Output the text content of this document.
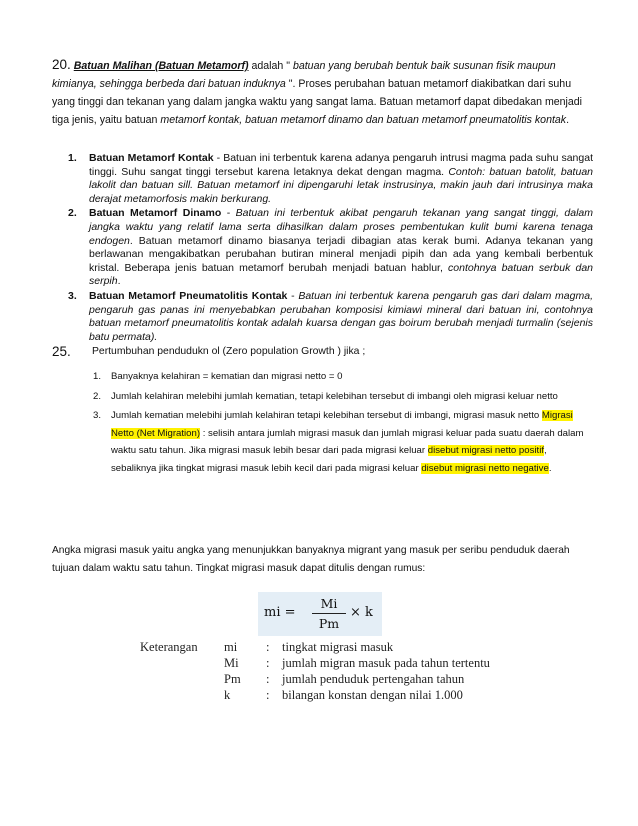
20. Batuan Malihan (Batuan Metamorf) adalah " batuan yang berubah bentuk baik susunan fisik maupun kimianya, sehingga berbeda dari batuan induknya ". Proses perubahan batuan metamorf diakibatkan dari suhu yang tinggi dan tekanan yang dalam jangka waktu yang sangat lama. Batuan metamorf dapat dibedakan menjadi tiga jenis, yaitu batuan metamorf kontak, batuan metamorf dinamo dan batuan metamorf pneumatolitis kontak.
1. Batuan Metamorf Kontak - Batuan ini terbentuk karena adanya pengaruh intrusi magma pada suhu sangat tinggi. Suhu sangat tinggi tersebut karena letaknya dekat dengan magma. Contoh: batuan batolit, batuan lakolit dan batuan sill. Batuan metamorf ini dipengaruhi letak instrusinya, makin jauh dari intrusinya maka derajat metamorfosis makin berkurang.
2. Batuan Metamorf Dinamo - Batuan ini terbentuk akibat pengaruh tekanan yang sangat tinggi, dalam jangka waktu yang relatif lama serta dihasilkan dalam proses pembentukan kulit bumi karena tenaga endogen. Batuan metamorf dinamo biasanya terjadi dibagian atas kerak bumi. Adanya tekanan yang berlawanan mengakibatkan perubahan butiran mineral menjadi pipih dan ada yang kembali berbentuk kristal. Beberapa jenis batuan metamorf berubah menjadi batuan hablur, contohnya batuan serbuk dan serpih.
3. Batuan Metamorf Pneumatolitis Kontak - Batuan ini terbentuk karena pengaruh gas dari dalam magma, pengaruh gas panas ini menyebabkan perubahan komposisi kimiawi mineral dari batuan ini, contohnya batuan metamorf pneumatolitis kontak adalah kuarsa dengan gas boirum berubah menjadi turmalin (sejenis batu permata).
25. Pertumbuhan pendudukn ol (Zero population Growth ) jika ;
1. Banyaknya kelahiran = kematian dan migrasi netto = 0
2. Jumlah kelahiran melebihi jumlah kematian, tetapi kelebihan tersebut di imbangi oleh migrasi keluar netto
3. Jumlah kematian melebihi jumlah kelahiran tetapi kelebihan tersebut di imbangi, migrasi masuk netto Migrasi Netto (Net Migration) : selisih antara jumlah migrasi masuk dan jumlah migrasi keluar pada suatu daerah dalam waktu satu tahun. Jika migrasi masuk lebih besar dari pada migrasi keluar disebut migrasi netto positif, sebaliknya jika tingkat migrasi masuk lebih kecil dari pada migrasi keluar disebut migrasi netto negative.
Angka migrasi masuk yaitu angka yang menunjukkan banyaknya migrant yang masuk per seribu penduduk daerah tujuan dalam waktu satu tahun. Tingkat migrasi masuk dapat ditulis dengan rumus:
mi =
Mi
Pm
× k
Keterangan mi	: tingkat migrasi masuk
Mi	: jumlah migran masuk pada tahun tertentu
Pm	: jumlah penduduk pertengahan tahun
k	: bilangan konstan dengan nilai 1.000
